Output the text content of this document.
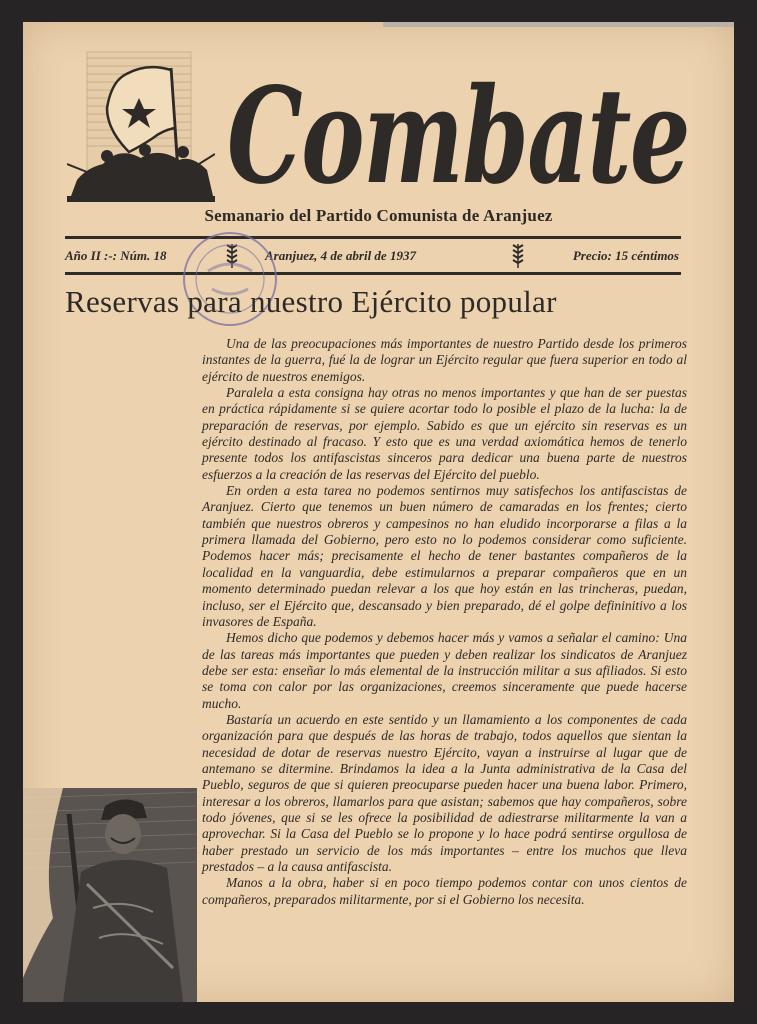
Combate
Semanario del Partido Comunista de Aranjuez
Año II :-: Núm. 18	Aranjuez, 4 de abril de 1937	Precio: 15 céntimos
Reservas para nuestro Ejército popular

Una de las preocupaciones más importantes de nuestro Partido desde los primeros instantes de la guerra, fué la de lograr un Ejército regular que fuera superior en todo al ejército de nuestros enemigos.

Paralela a esta consigna hay otras no menos importantes y que han de ser puestas en práctica rápidamente si se quiere acortar todo lo posible el plazo de la lucha: la de preparación de reservas, por ejemplo. Sabido es que un ejército sin reservas es un ejército destinado al fracaso. Y esto que es una verdad axiomática hemos de tenerlo presente todos los antifascistas sinceros para dedicar una buena parte de nuestros esfuerzos a la creación de las reservas del Ejército del pueblo.

En orden a esta tarea no podemos sentirnos muy satisfechos los antifascistas de Aranjuez. Cierto que tenemos un buen número de camaradas en los frentes; cierto también que nuestros obreros y campesinos no han eludido incorporarse a filas a la primera llamada del Gobierno, pero esto no lo podemos considerar como suficiente. Podemos hacer más; precisamente el hecho de tener bastantes compañeros de la localidad en la vanguardia, debe estimularnos a preparar compañeros que en un momento determinado puedan relevar a los que hoy están en las trincheras, puedan, incluso, ser el Ejército que, descansado y bien preparado, dé el golpe defininitivo a los invasores de España.

Hemos dicho que podemos y debemos hacer más y vamos a señalar el camino: Una de las tareas más importantes que pueden y deben realizar los sindicatos de Aranjuez debe ser esta: enseñar lo más elemental de la instrucción militar a sus afiliados. Si esto se toma con calor por las organizaciones, creemos sinceramente que puede hacerse mucho.

Bastaría un acuerdo en este sentido y un llamamiento a los componentes de cada organización para que después de las horas de trabajo, todos aquellos que sientan la necesidad de dotar de reservas nuestro Ejército, vayan a instruirse al lugar que de antemano se ditermine. Brindamos la idea a la Junta administrativa de la Casa del Pueblo, seguros de que si quieren preocuparse pueden hacer una buena labor. Primero, interesar a los obreros, llamarlos para que asistan; sabemos que hay compañeros, sobre todo jóvenes, que si se les ofrece la posibilidad de adiestrarse militarmente la van a aprovechar. Si la Casa del Pueblo se lo propone y lo hace podrá sentirse orgullosa de haber prestado un servicio de los más importantes – entre los muchos que lleva prestados – a la causa antifascista.

Manos a la obra, haber si en poco tiempo podemos contar con unos cientos de compañeros, preparados militarmente, por si el Gobierno los necesita.
